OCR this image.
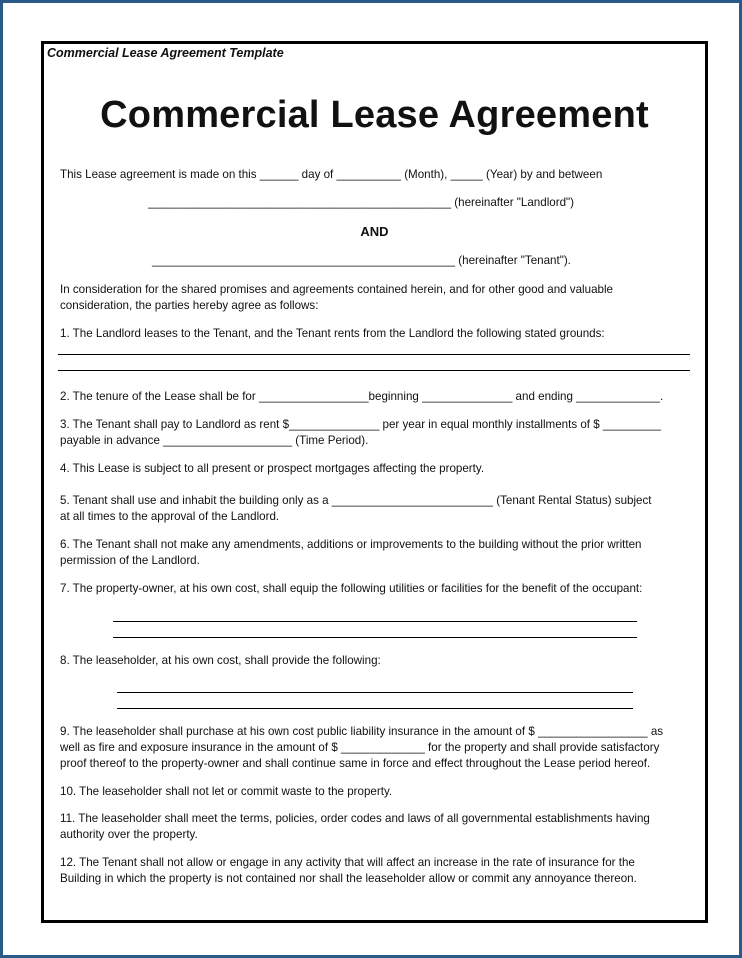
Commercial Lease Agreement Template
Commercial Lease Agreement
This Lease agreement is made on this ______ day of __________ (Month), _____ (Year) by and between
_______________________________________________ (hereinafter "Landlord")
AND
_______________________________________________ (hereinafter "Tenant").
In consideration for the shared promises and agreements contained herein, and for other good and valuable
consideration, the parties hereby agree as follows:
1. The Landlord leases to the Tenant, and the Tenant rents from the Landlord the following stated grounds:
2. The tenure of the Lease shall be for _________________beginning ______________ and ending _____________.
3. The Tenant shall pay to Landlord as rent $______________ per year in equal monthly installments of $ _________
payable in advance ____________________ (Time Period).
4. This Lease is subject to all present or prospect mortgages affecting the property.
5. Tenant shall use and inhabit the building only as a _________________________ (Tenant Rental Status) subject
at all times to the approval of the Landlord.
6. The Tenant shall not make any amendments, additions or improvements to the building without the prior written
permission of the Landlord.
7. The property-owner, at his own cost, shall equip the following utilities or facilities for the benefit of the occupant:
8. The leaseholder, at his own cost, shall provide the following:
9. The leaseholder shall purchase at his own cost public liability insurance in the amount of $ _________________ as
well as fire and exposure insurance in the amount of $ _____________ for the property and shall provide satisfactory
proof thereof to the property-owner and shall continue same in force and effect throughout the Lease period hereof.
10. The leaseholder shall not let or commit waste to the property.
11. The leaseholder shall meet the terms, policies, order codes and laws of all governmental establishments having
authority over the property.
12. The Tenant shall not allow or engage in any activity that will affect an increase in the rate of insurance for the
Building in which the property is not contained nor shall the leaseholder allow or commit any annoyance thereon.
